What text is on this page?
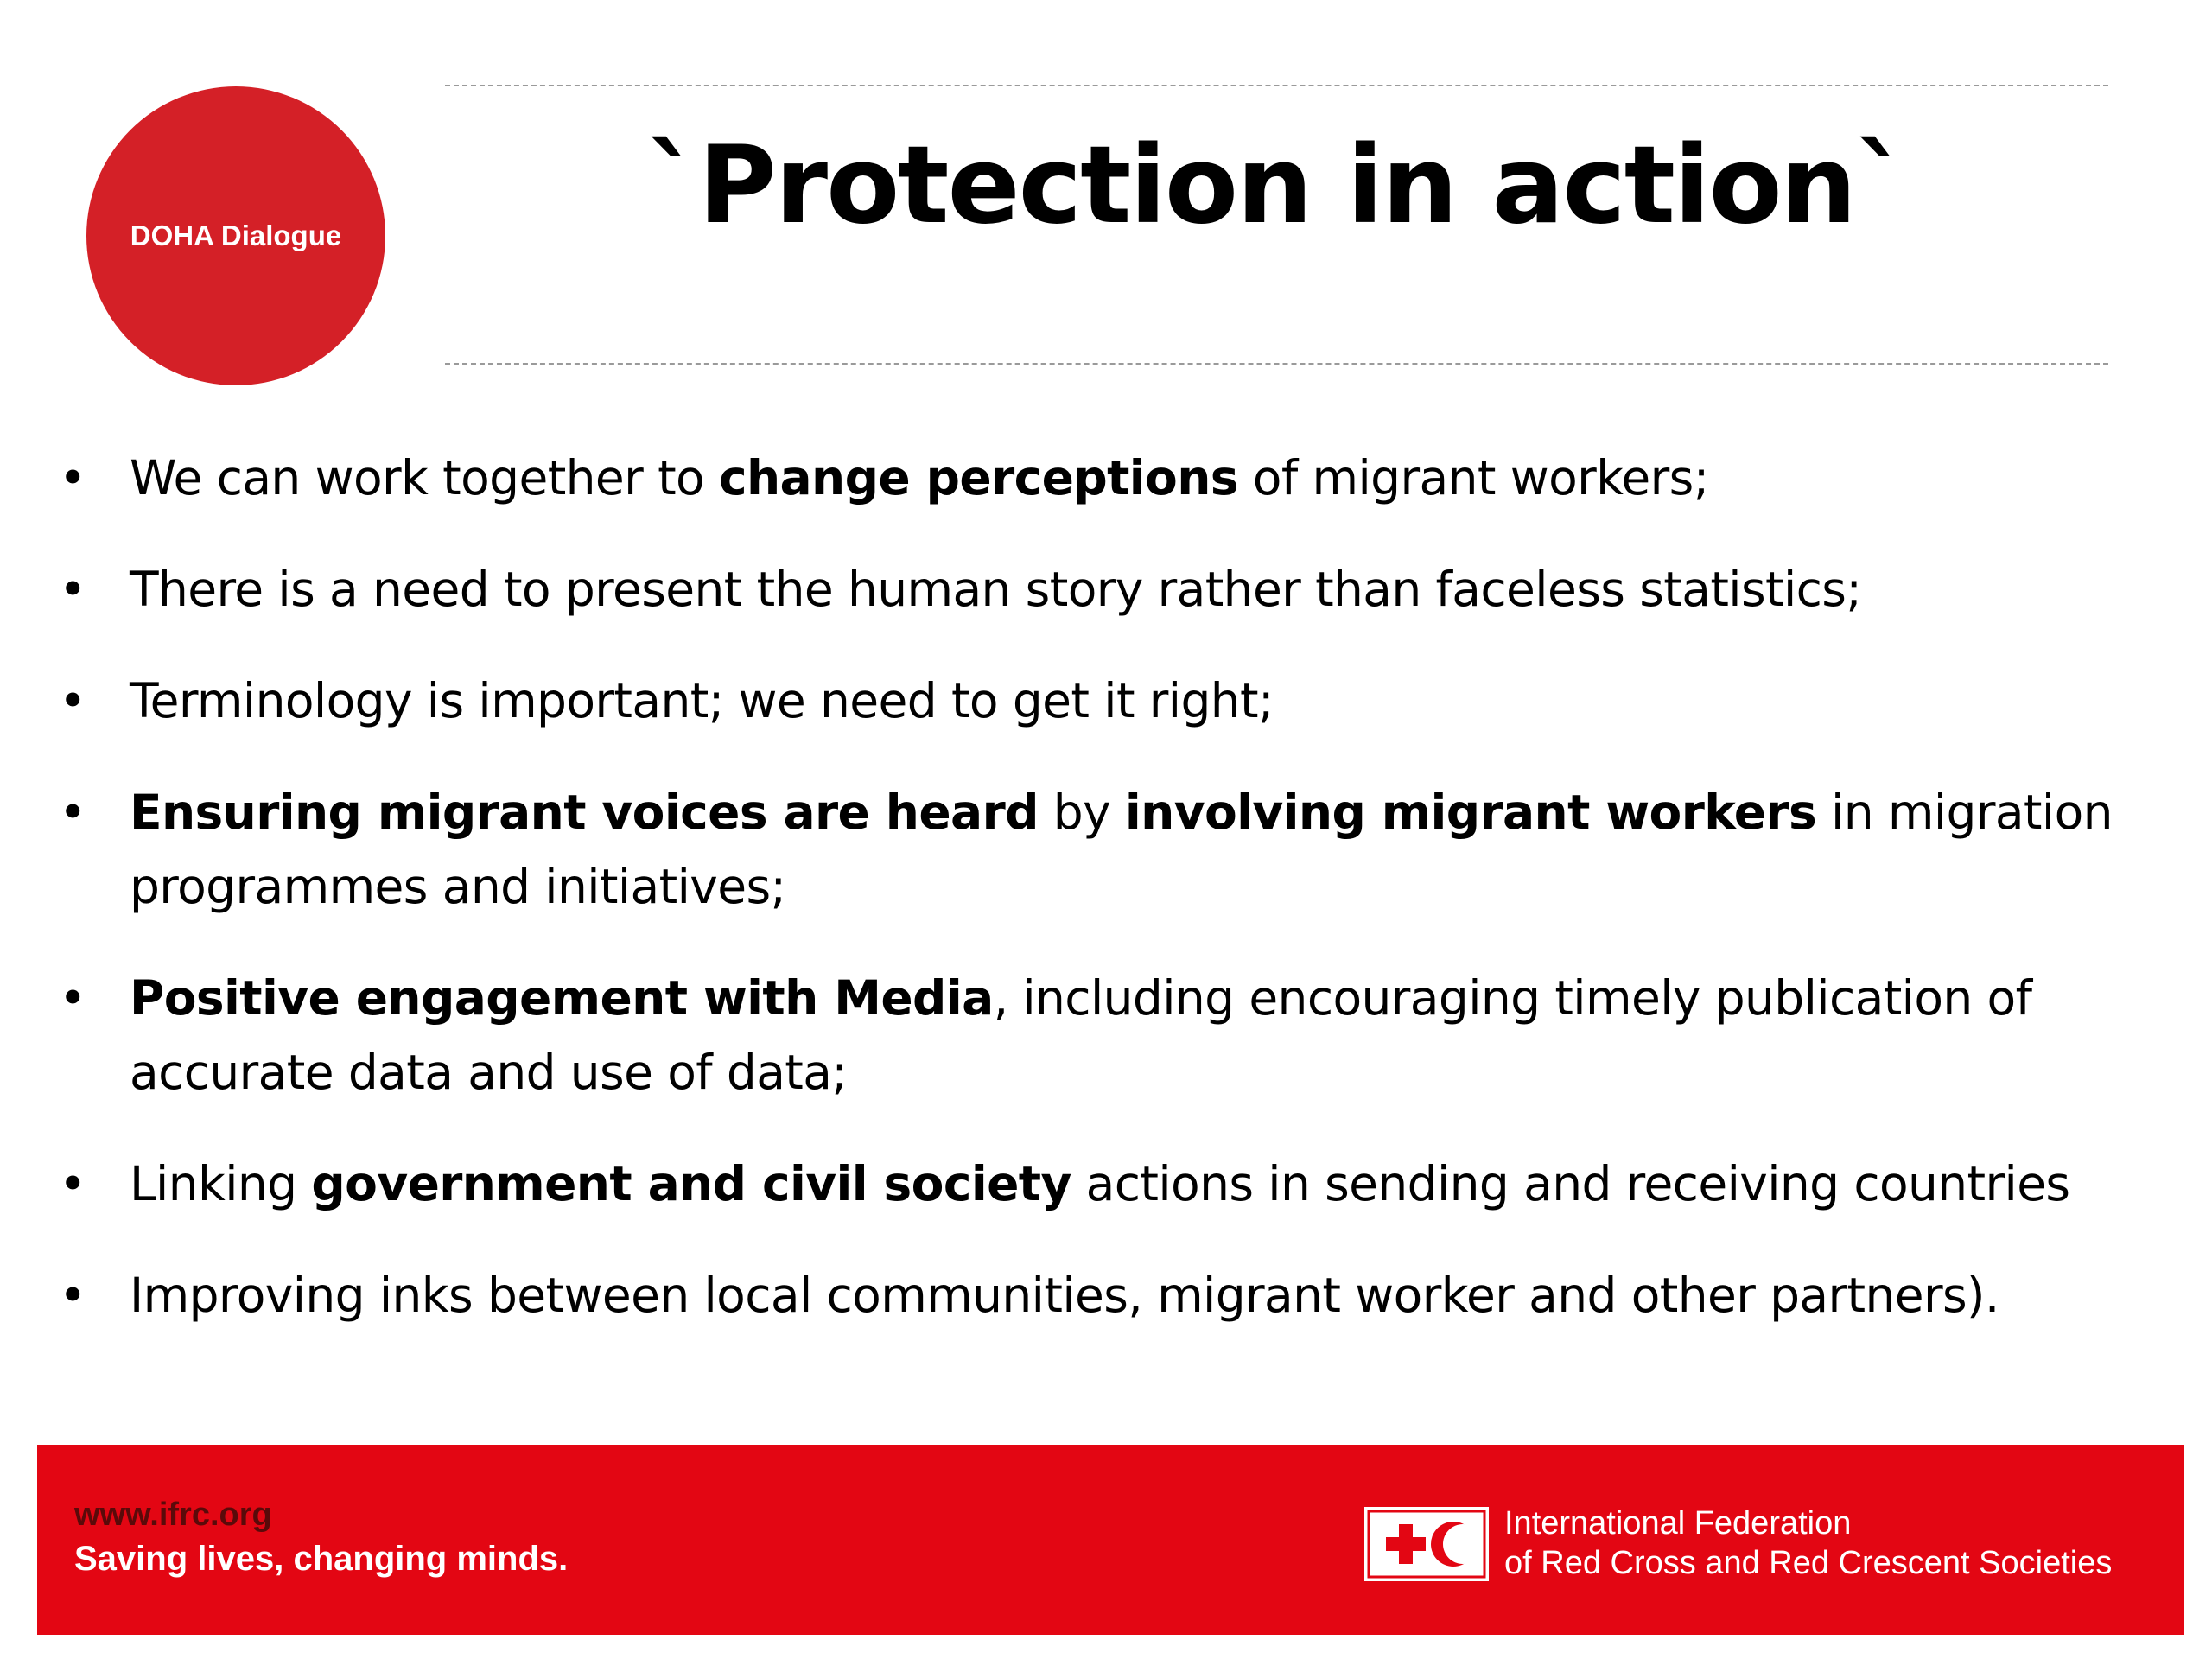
DOHA Dialogue	`Protection in action`
• We can work together to change perceptions of migrant workers;
• There is a need to present the human story rather than faceless statistics;
• Terminology is important; we need to get it right;
• Ensuring migrant voices are heard by involving migrant workers in migration programmes and initiatives;
• Positive engagement with Media, including encouraging timely publication of accurate data and use of data;
• Linking government and civil society actions in sending and receiving countries
• Improving inks between local communities, migrant worker and other partners).
www.ifrc.org
Saving lives, changing minds.
International Federation
of Red Cross and Red Crescent Societies
